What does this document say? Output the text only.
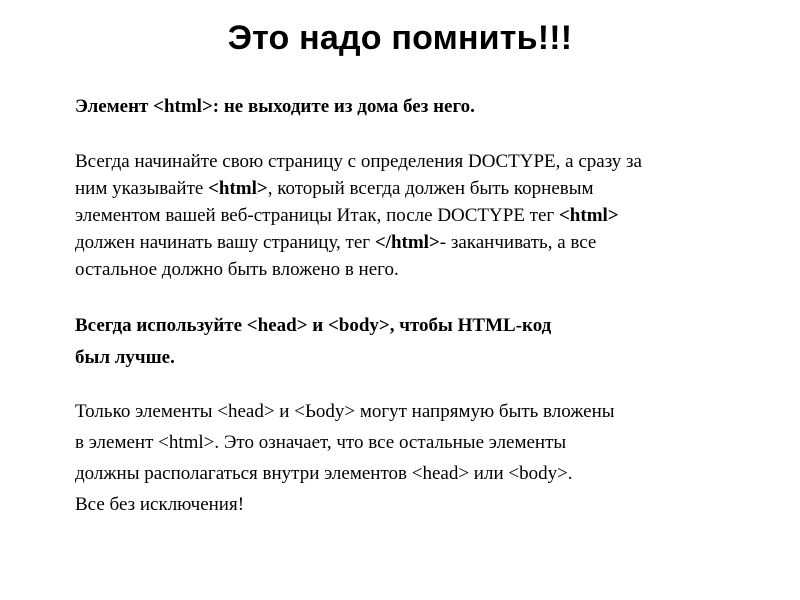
Это надо помнить!!!

Элемент <html>: не выходите из дома без него.

Всегда начинайте свою страницу с определения DOCTYPE, а сразу за
ним указывайте <html>, который всегда должен быть корневым
элементом вашей веб-страницы Итак, после DOCTYPE тег <html>
должен начинать вашу страницу, тег </html>- заканчивать, а все
остальное должно быть вложено в него.

Всегда используйте <head> и <body>, чтобы HTML-код
был лучше.

Только элементы <head> и <Ьody> могут напрямую быть вложены
в элемент <html>. Это означает, что все остальные элементы
должны располагаться внутри элементов <head> или <body>.
Все без исключения!
